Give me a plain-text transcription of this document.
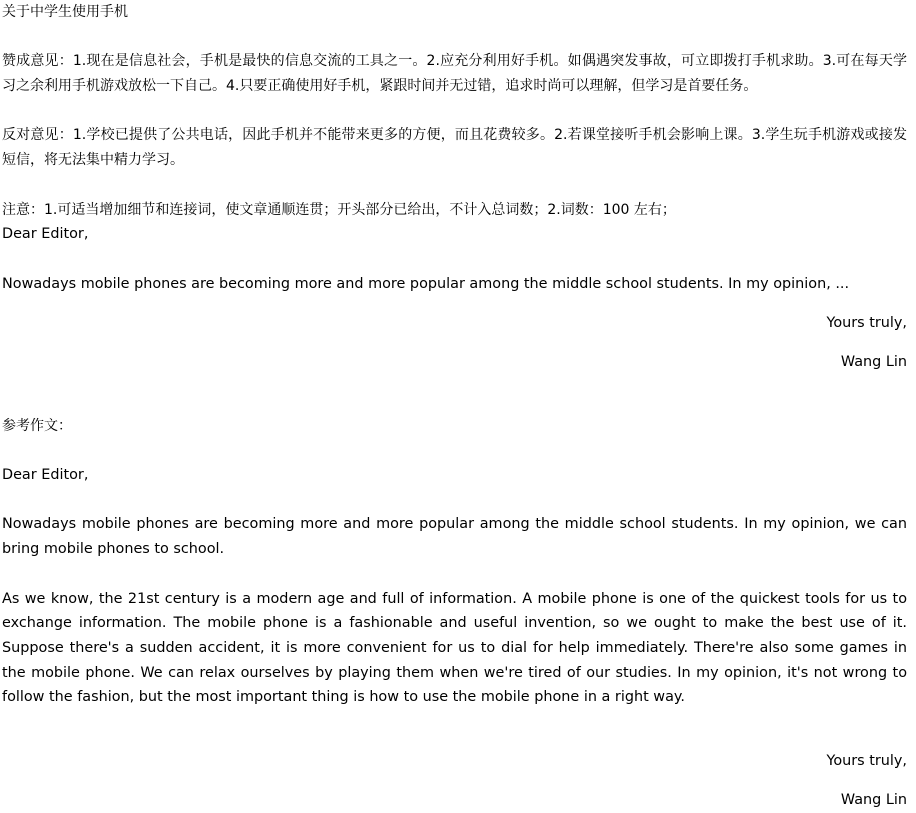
关于中学生使用手机

赞成意见：1.现在是信息社会，手机是最快的信息交流的工具之一。2.应充分利用好手机。如偶遇突发事故，可立即拨打手机求助。3.可在每天学习之余利用手机游戏放松一下自己。4.只要正确使用好手机，紧跟时间并无过错，追求时尚可以理解，但学习是首要任务。

反对意见：1.学校已提供了公共电话，因此手机并不能带来更多的方便，而且花费较多。2.若课堂接听手机会影响上课。3.学生玩手机游戏或接发短信，将无法集中精力学习。

注意：1.可适当增加细节和连接词，使文章通顺连贯；开头部分已给出，不计入总词数；2.词数：100 左右；

Dear Editor,

Nowadays mobile phones are becoming more and more popular among the middle school students. In my opinion, ...

Yours truly,

Wang Lin

参考作文：

Dear Editor,

Nowadays mobile phones are becoming more and more popular among the middle school students. In my opinion, we can bring mobile phones to school.

As we know, the 21st century is a modern age and full of information. A mobile phone is one of the quickest tools for us to exchange information. The mobile phone is a fashionable and useful invention, so we ought to make the best use of it. Suppose there's a sudden accident, it is more convenient for us to dial for help immediately. There're also some games in the mobile phone. We can relax ourselves by playing them when we're tired of our studies. In my opinion, it's not wrong to follow the fashion, but the most important thing is how to use the mobile phone in a right way.

Yours truly,

Wang Lin
